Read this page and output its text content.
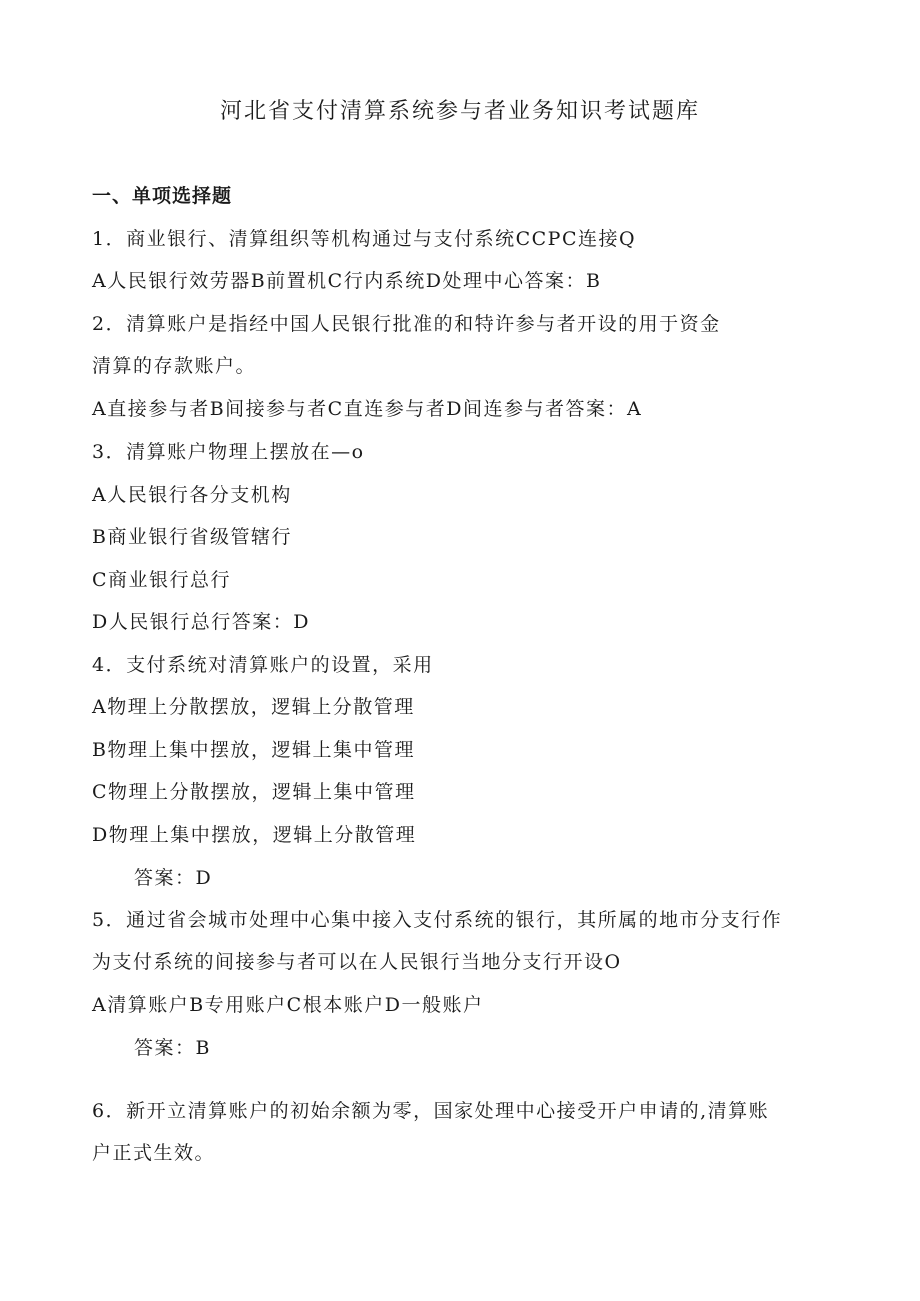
河北省支付清算系统参与者业务知识考试题库
一、单项选择题
1．商业银行、清算组织等机构通过与支付系统CCPC连接Q
A人民银行效劳器B前置机C行内系统D处理中心答案：B
2．清算账户是指经中国人民银行批准的和特许参与者开设的用于资金
清算的存款账户。
A直接参与者B间接参与者C直连参与者D间连参与者答案：A
3．清算账户物理上摆放在—o
A人民银行各分支机构
B商业银行省级管辖行
C商业银行总行
D人民银行总行答案：D
4．支付系统对清算账户的设置，采用
A物理上分散摆放，逻辑上分散管理
B物理上集中摆放，逻辑上集中管理
C物理上分散摆放，逻辑上集中管理
D物理上集中摆放，逻辑上分散管理
答案：D
5．通过省会城市处理中心集中接入支付系统的银行，其所属的地市分支行作
为支付系统的间接参与者可以在人民银行当地分支行开设O
A清算账户B专用账户C根本账户D一般账户
答案：B
6．新开立清算账户的初始余额为零，国家处理中心接受开户申请的,清算账
户正式生效。
